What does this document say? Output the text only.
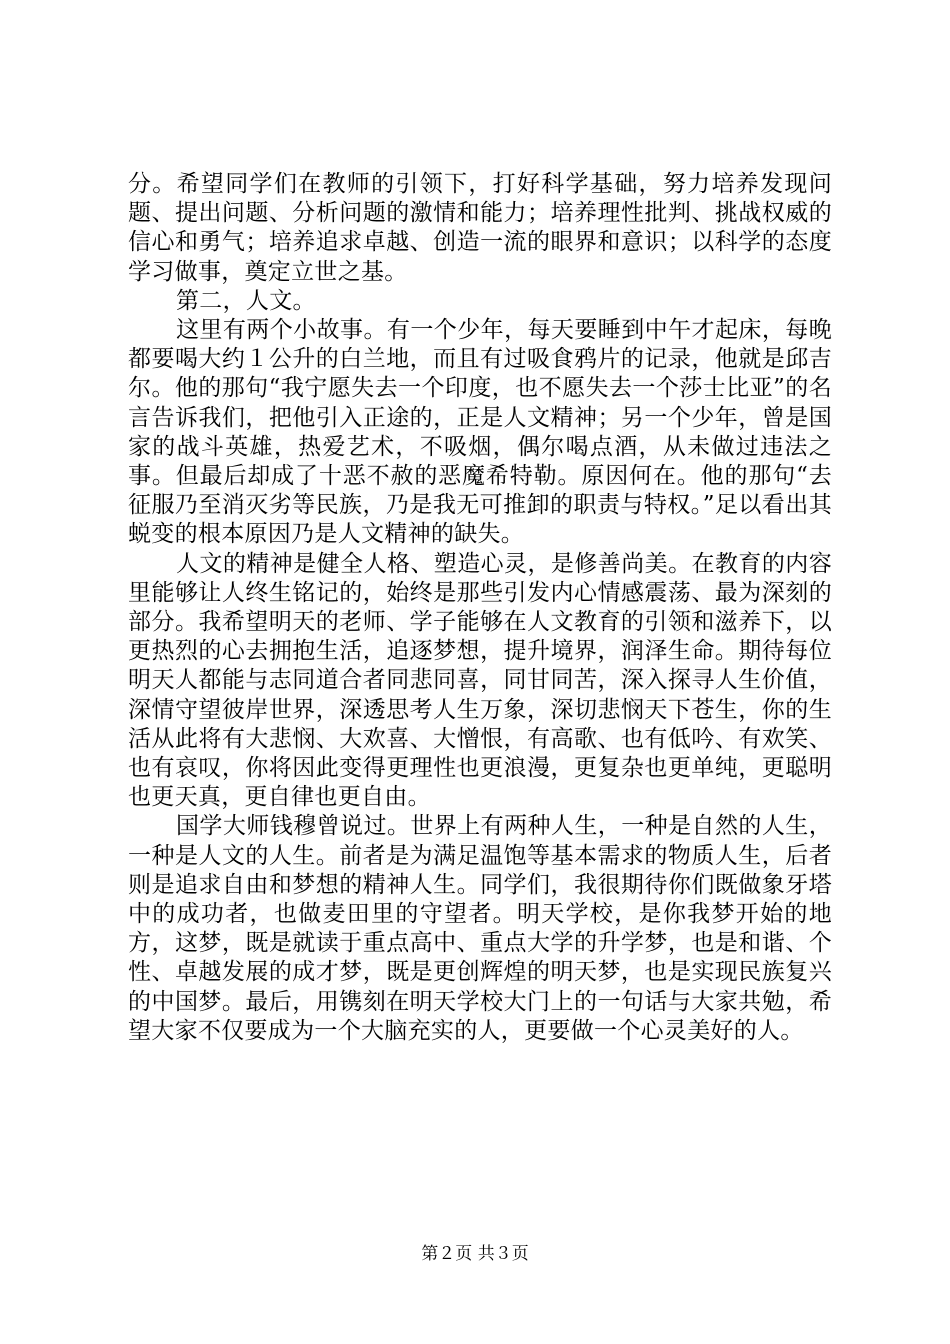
分。希望同学们在教师的引领下，打好科学基础，努力培养发现问题、提出问题、分析问题的激情和能力；培养理性批判、挑战权威的信心和勇气；培养追求卓越、创造一流的眼界和意识；以科学的态度学习做事，奠定立世之基。

第二，人文。

这里有两个小故事。有一个少年，每天要睡到中午才起床，每晚都要喝大约１公升的白兰地，而且有过吸食鸦片的记录，他就是邱吉尔。他的那句“我宁愿失去一个印度，也不愿失去一个莎士比亚”的名言告诉我们，把他引入正途的，正是人文精神；另一个少年，曾是国家的战斗英雄，热爱艺术，不吸烟，偶尔喝点酒，从未做过违法之事。但最后却成了十恶不赦的恶魔希特勒。原因何在。他的那句“去征服乃至消灭劣等民族，乃是我无可推卸的职责与特权。”足以看出其蜕变的根本原因乃是人文精神的缺失。

人文的精神是健全人格、塑造心灵，是修善尚美。在教育的内容里能够让人终生铭记的，始终是那些引发内心情感震荡、最为深刻的部分。我希望明天的老师、学子能够在人文教育的引领和滋养下，以更热烈的心去拥抱生活，追逐梦想，提升境界，润泽生命。期待每位明天人都能与志同道合者同悲同喜，同甘同苦，深入探寻人生价值，深情守望彼岸世界，深透思考人生万象，深切悲悯天下苍生，你的生活从此将有大悲悯、大欢喜、大憎恨，有高歌、也有低吟、有欢笑、也有哀叹，你将因此变得更理性也更浪漫，更复杂也更单纯，更聪明也更天真，更自律也更自由。

国学大师钱穆曾说过。世界上有两种人生，一种是自然的人生，一种是人文的人生。前者是为满足温饱等基本需求的物质人生，后者则是追求自由和梦想的精神人生。同学们，我很期待你们既做象牙塔中的成功者，也做麦田里的守望者。明天学校，是你我梦开始的地方，这梦，既是就读于重点高中、重点大学的升学梦，也是和谐、个性、卓越发展的成才梦，既是更创辉煌的明天梦，也是实现民族复兴的中国梦。最后，用镌刻在明天学校大门上的一句话与大家共勉，希望大家不仅要成为一个大脑充实的人，更要做一个心灵美好的人。

第２页 共３页
